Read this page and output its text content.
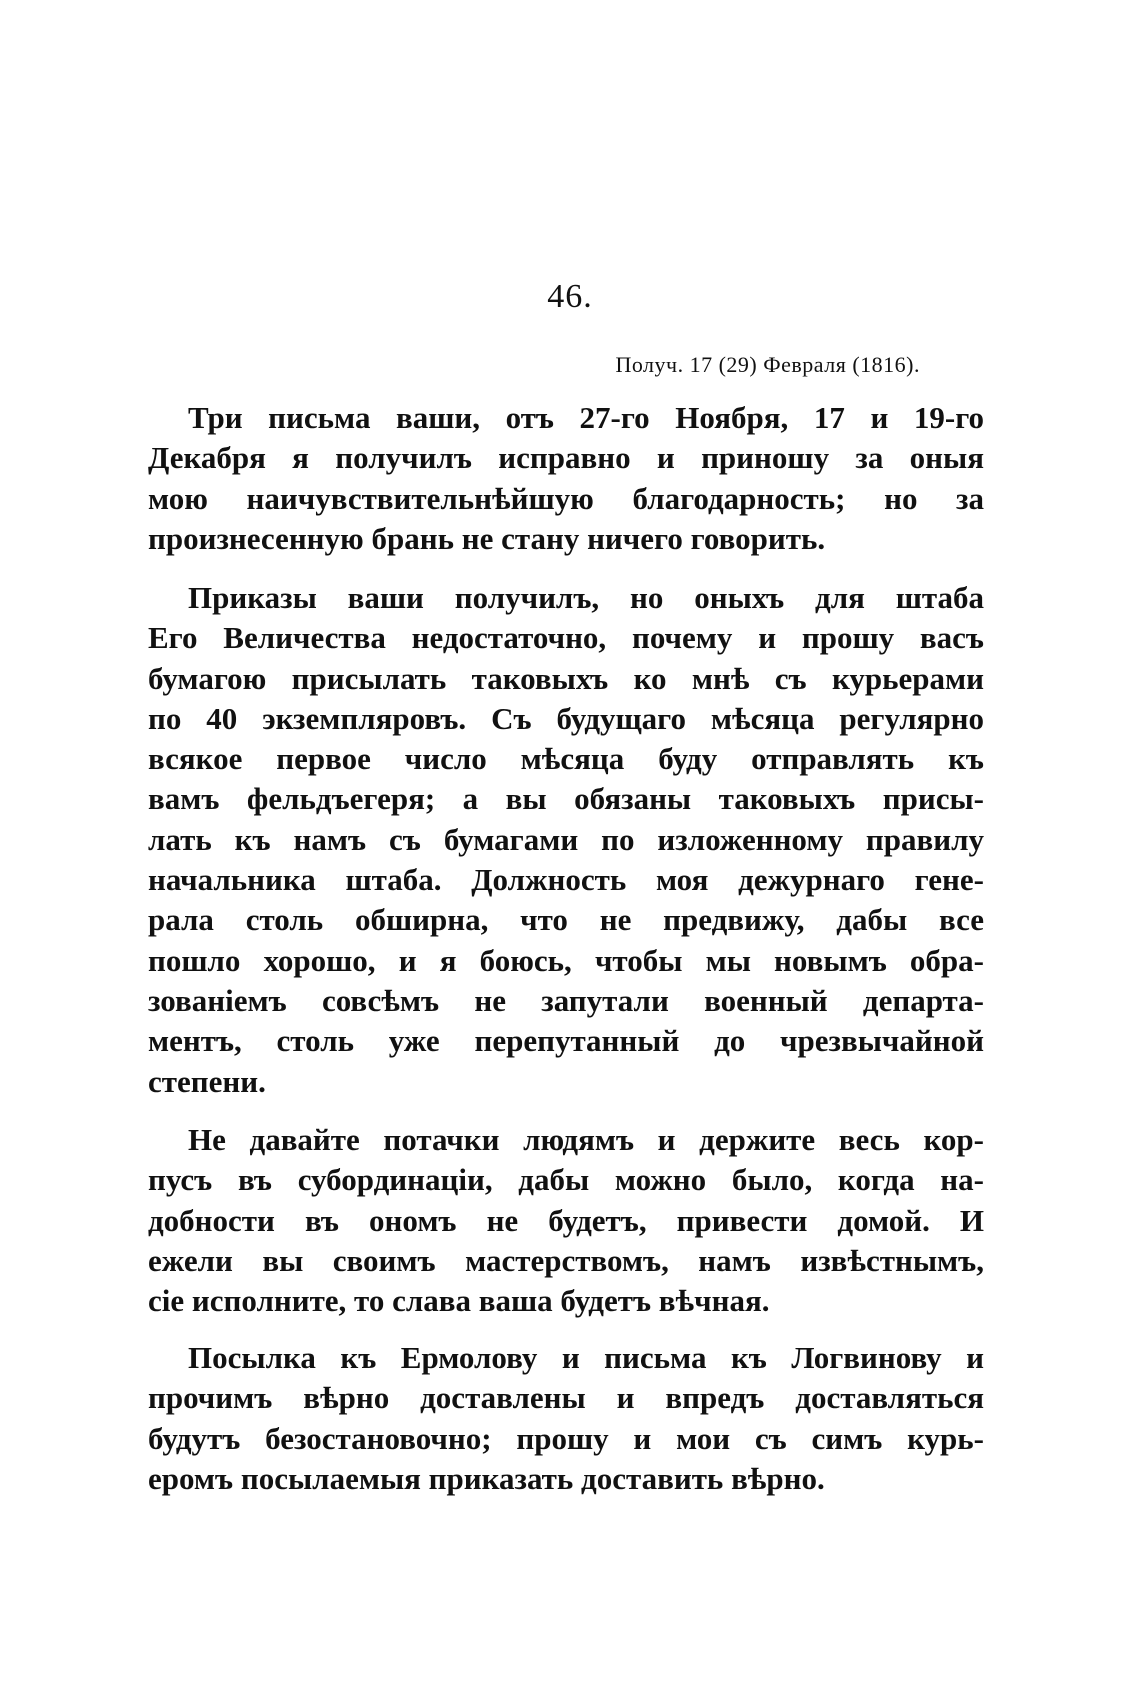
46.
Получ. 17 (29) Февраля (1816).
Три письма ваши, отъ 27-го Ноября, 17 и 19-го
Декабря я получилъ исправно и приношу за оныя
мою наичувствительнѣйшую благодарность; но за
произнесенную брань не стану ничего говорить.
Приказы ваши получилъ, но оныхъ для штаба
Его Величества недостаточно, почему и прошу васъ
бумагою присылать таковыхъ ко мнѣ съ курьерами
по 40 экземпляровъ. Съ будущаго мѣсяца регулярно
всякое первое число мѣсяца буду отправлять къ
вамъ фельдъегеря; а вы обязаны таковыхъ присы-
лать къ намъ съ бумагами по изложенному правилу
начальника штаба. Должность моя дежурнаго гене-
рала столь обширна, что не предвижу, дабы все
пошло хорошо, и я боюсь, чтобы мы новымъ обра-
зованіемъ совсѣмъ не запутали военный департа-
ментъ, столь уже перепутанный до чрезвычайной
степени.
Не давайте потачки людямъ и держите весь кор-
пусъ въ субординаціи, дабы можно было, когда на-
добности въ ономъ не будетъ, привести домой. И
ежели вы своимъ мастерствомъ, намъ извѣстнымъ,
сіе исполните, то слава ваша будетъ вѣчная.
Посылка къ Ермолову и письма къ Логвинову и
прочимъ вѣрно доставлены и впредъ доставляться
будутъ безостановочно; прошу и мои съ симъ курь-
еромъ посылаемыя приказать доставить вѣрно.
